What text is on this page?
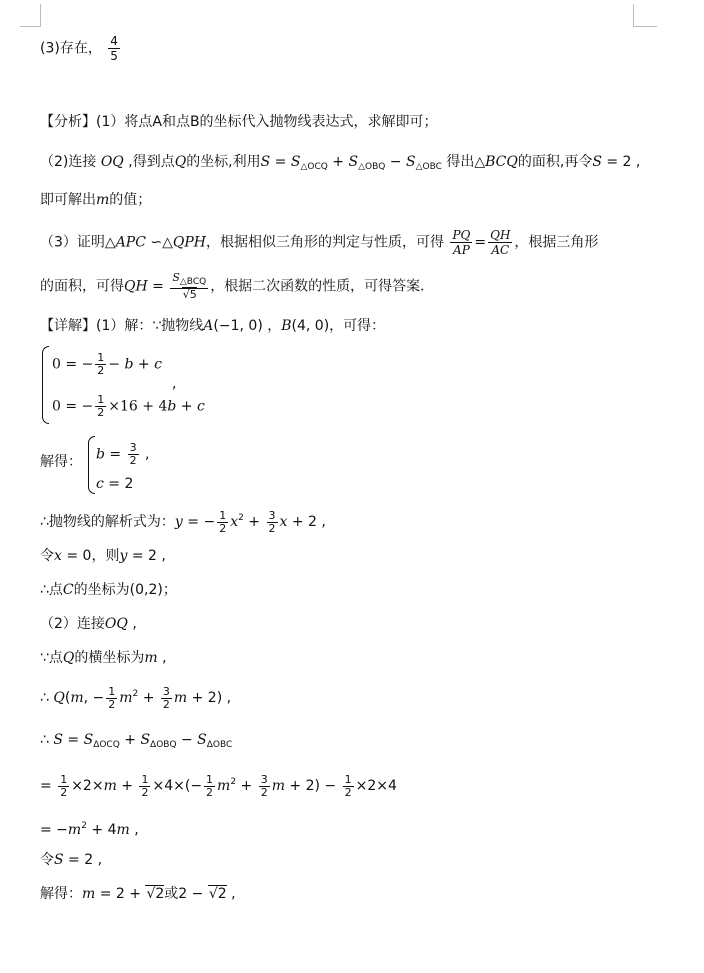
(3)存在， $\frac{4}{5}$
【分析】(1）将点A和点B的坐标代入抛物线表达式，求解即可；
（2)连接 OQ ,得到点Q的坐标,利用$S = S_{\triangle OCQ} + S_{\triangle OBQ} - S_{\triangle OBC}$ 得出△BCQ的面积,再令S = 2 ,
即可解出m的值；
（3）证明△APC ∽△QPH，根据相似三角形的判定与性质，可得 $\frac{PQ}{AP} = \frac{QH}{AC}$ ，根据三角形
的面积，可得QH = $\frac{S_{\triangle BCQ}}{√5}$ ，根据二次函数的性质，可得答案．
【详解】(1）解：∵抛物线A(−1, 0) ，B(4, 0)，可得：
0 = − $\frac{1}{2} - b + c$
0 = − $\frac{1}{2} \times 16 + 4b + c$
,
解得： $b = \frac{3}{2}$ ,
c = 2
∴抛物线的解析式为：y = − $\frac{1}{2} x^2 + \frac{3}{2}$ x + 2 ,
令x = 0，则y = 2 ,
∴点C的坐标为(0,2)；
（2）连接OQ ,
∵点Q的横坐标为m ,
∴ Q(m, − $\frac{1}{2} m^2 + \frac{3}{2}$ m + 2) ,
∴ $S = S_{\Delta OCQ} + S_{\Delta OBQ} - S_{\Delta OBC}$
= $\frac{1}{2} \times 2\times m + \frac{1}{2} \times 4\times(- \frac{1}{2} m^2 + \frac{3}{2}$ $m + 2) - \frac{1}{2} \times 2\times 4$
= $-m^2 + 4m$ ,
令S = 2 ,
解得：m = 2 + √2或2 − √2 ,
